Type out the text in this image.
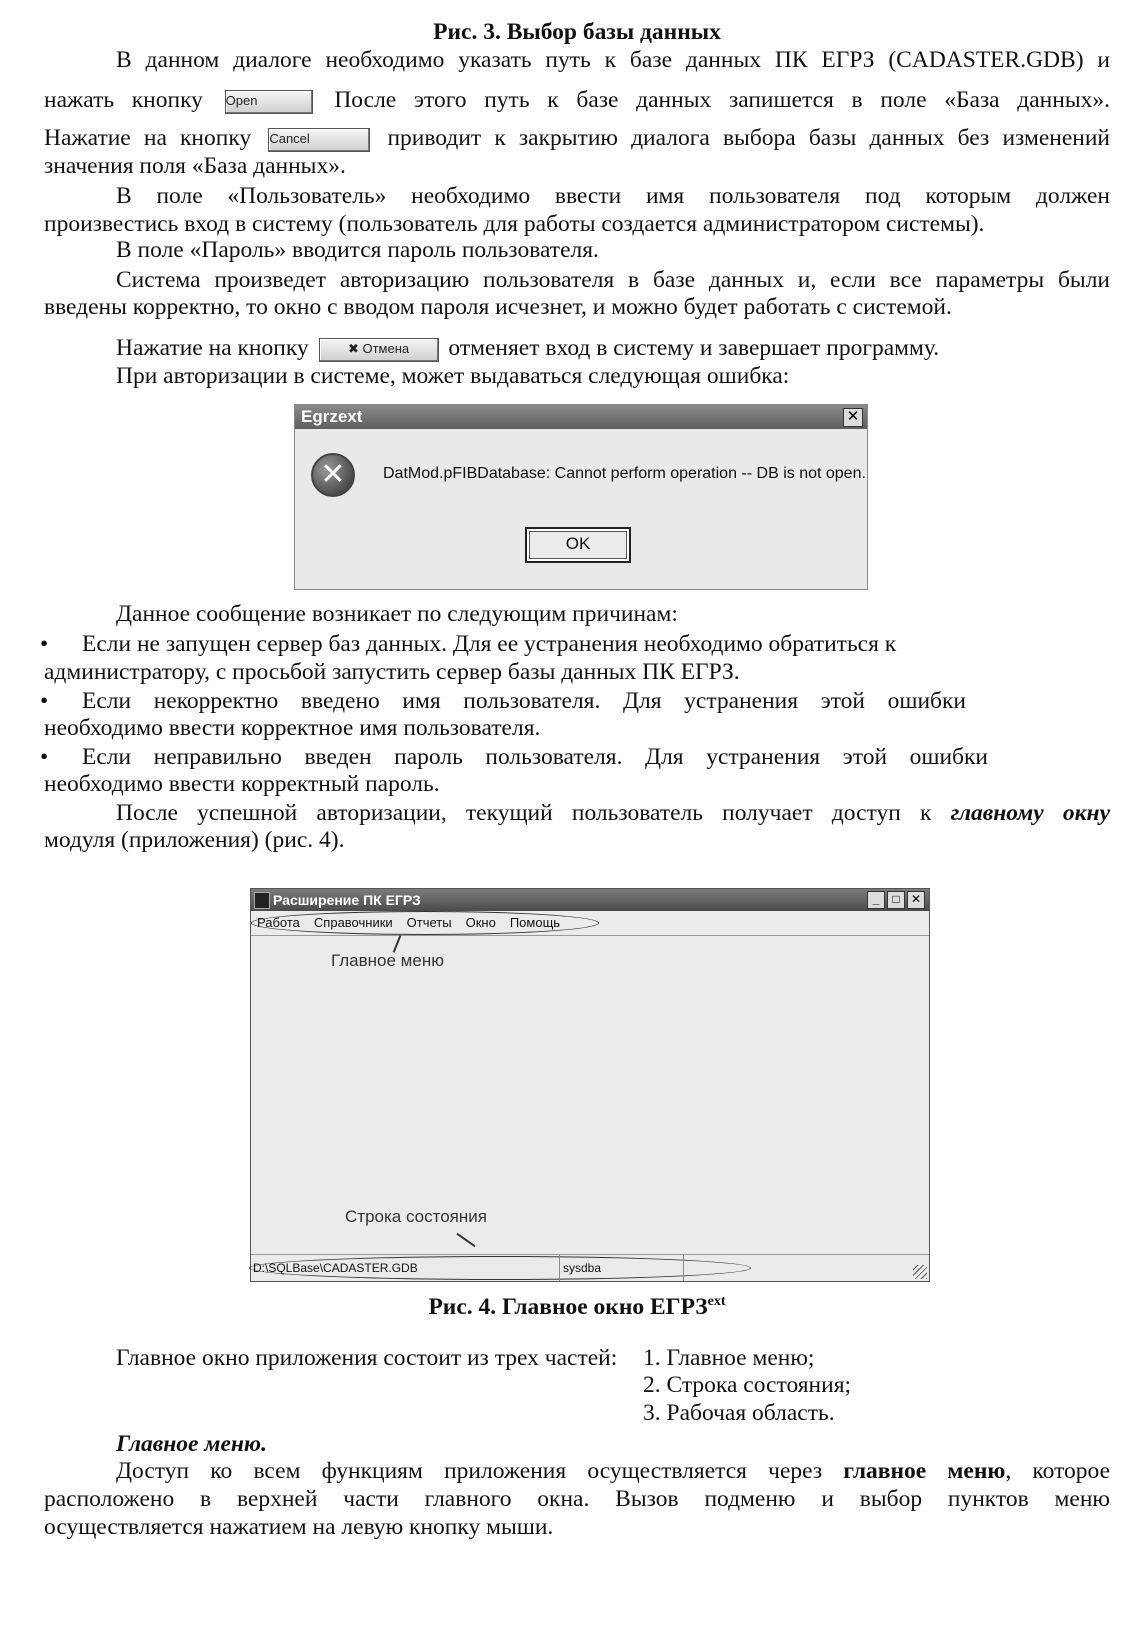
Рис. 3. Выбор базы данных
В данном диалоге необходимо указать путь к базе данных ПК ЕГРЗ (CADASTER.GDB) и
нажать кнопку Open	После этого путь к базе данных запишется в поле «База данных».
Нажатие на кнопку Cancel	приводит к закрытию диалога выбора базы данных без изменений
значения поля «База данных».
В поле «Пользователь» необходимо ввести имя пользователя под которым должен
произвестись вход в систему (пользователь для работы создается администратором системы).
В поле «Пароль» вводится пароль пользователя.
Система произведет авторизацию пользователя в базе данных и, если все параметры были
введены корректно, то окно с вводом пароля исчезнет, и можно будет работать с системой.
Нажатие на кнопку	✖ Отмена отменяет вход в систему и завершает программу.
При авторизации в системе, может выдаваться следующая ошибка:
Egrzext	✕
✕	DatMod.pFIBDatabase: Cannot perform operation -- DB is not open.
OK
Данное сообщение возникает по следующим причинам:
•	Если не запущен сервер баз данных. Для ее устранения необходимо обратиться к
администратору, с просьбой запустить сервер базы данных ПК ЕГРЗ.
•	Если некорректно введено имя пользователя. Для устранения этой ошибки
необходимо ввести корректное имя пользователя.
•	Если неправильно введен пароль пользователя. Для устранения этой ошибки
необходимо ввести корректный пароль.
После успешной авторизации, текущий пользователь получает доступ к главному окну
модуля (приложения) (рис. 4).
Расширение ПК ЕГРЗ	_	□ ✕
Работа Справочники Отчеты Окно Помощь
Главное меню
Строка состояния
D:\SQLBase\CADASTER.GDB	sysdba
Рис. 4. Главное окно $ЕГРЗ^{ext}$
Главное окно приложения состоит из трех частей:	1. Главное меню;
2. Строка состояния;
3. Рабочая область.
Главное меню.
Доступ ко всем функциям приложения осуществляется через главное меню, которое
расположено в верхней части главного окна. Вызов подменю и выбор пунктов меню
осуществляется нажатием на левую кнопку мыши.
